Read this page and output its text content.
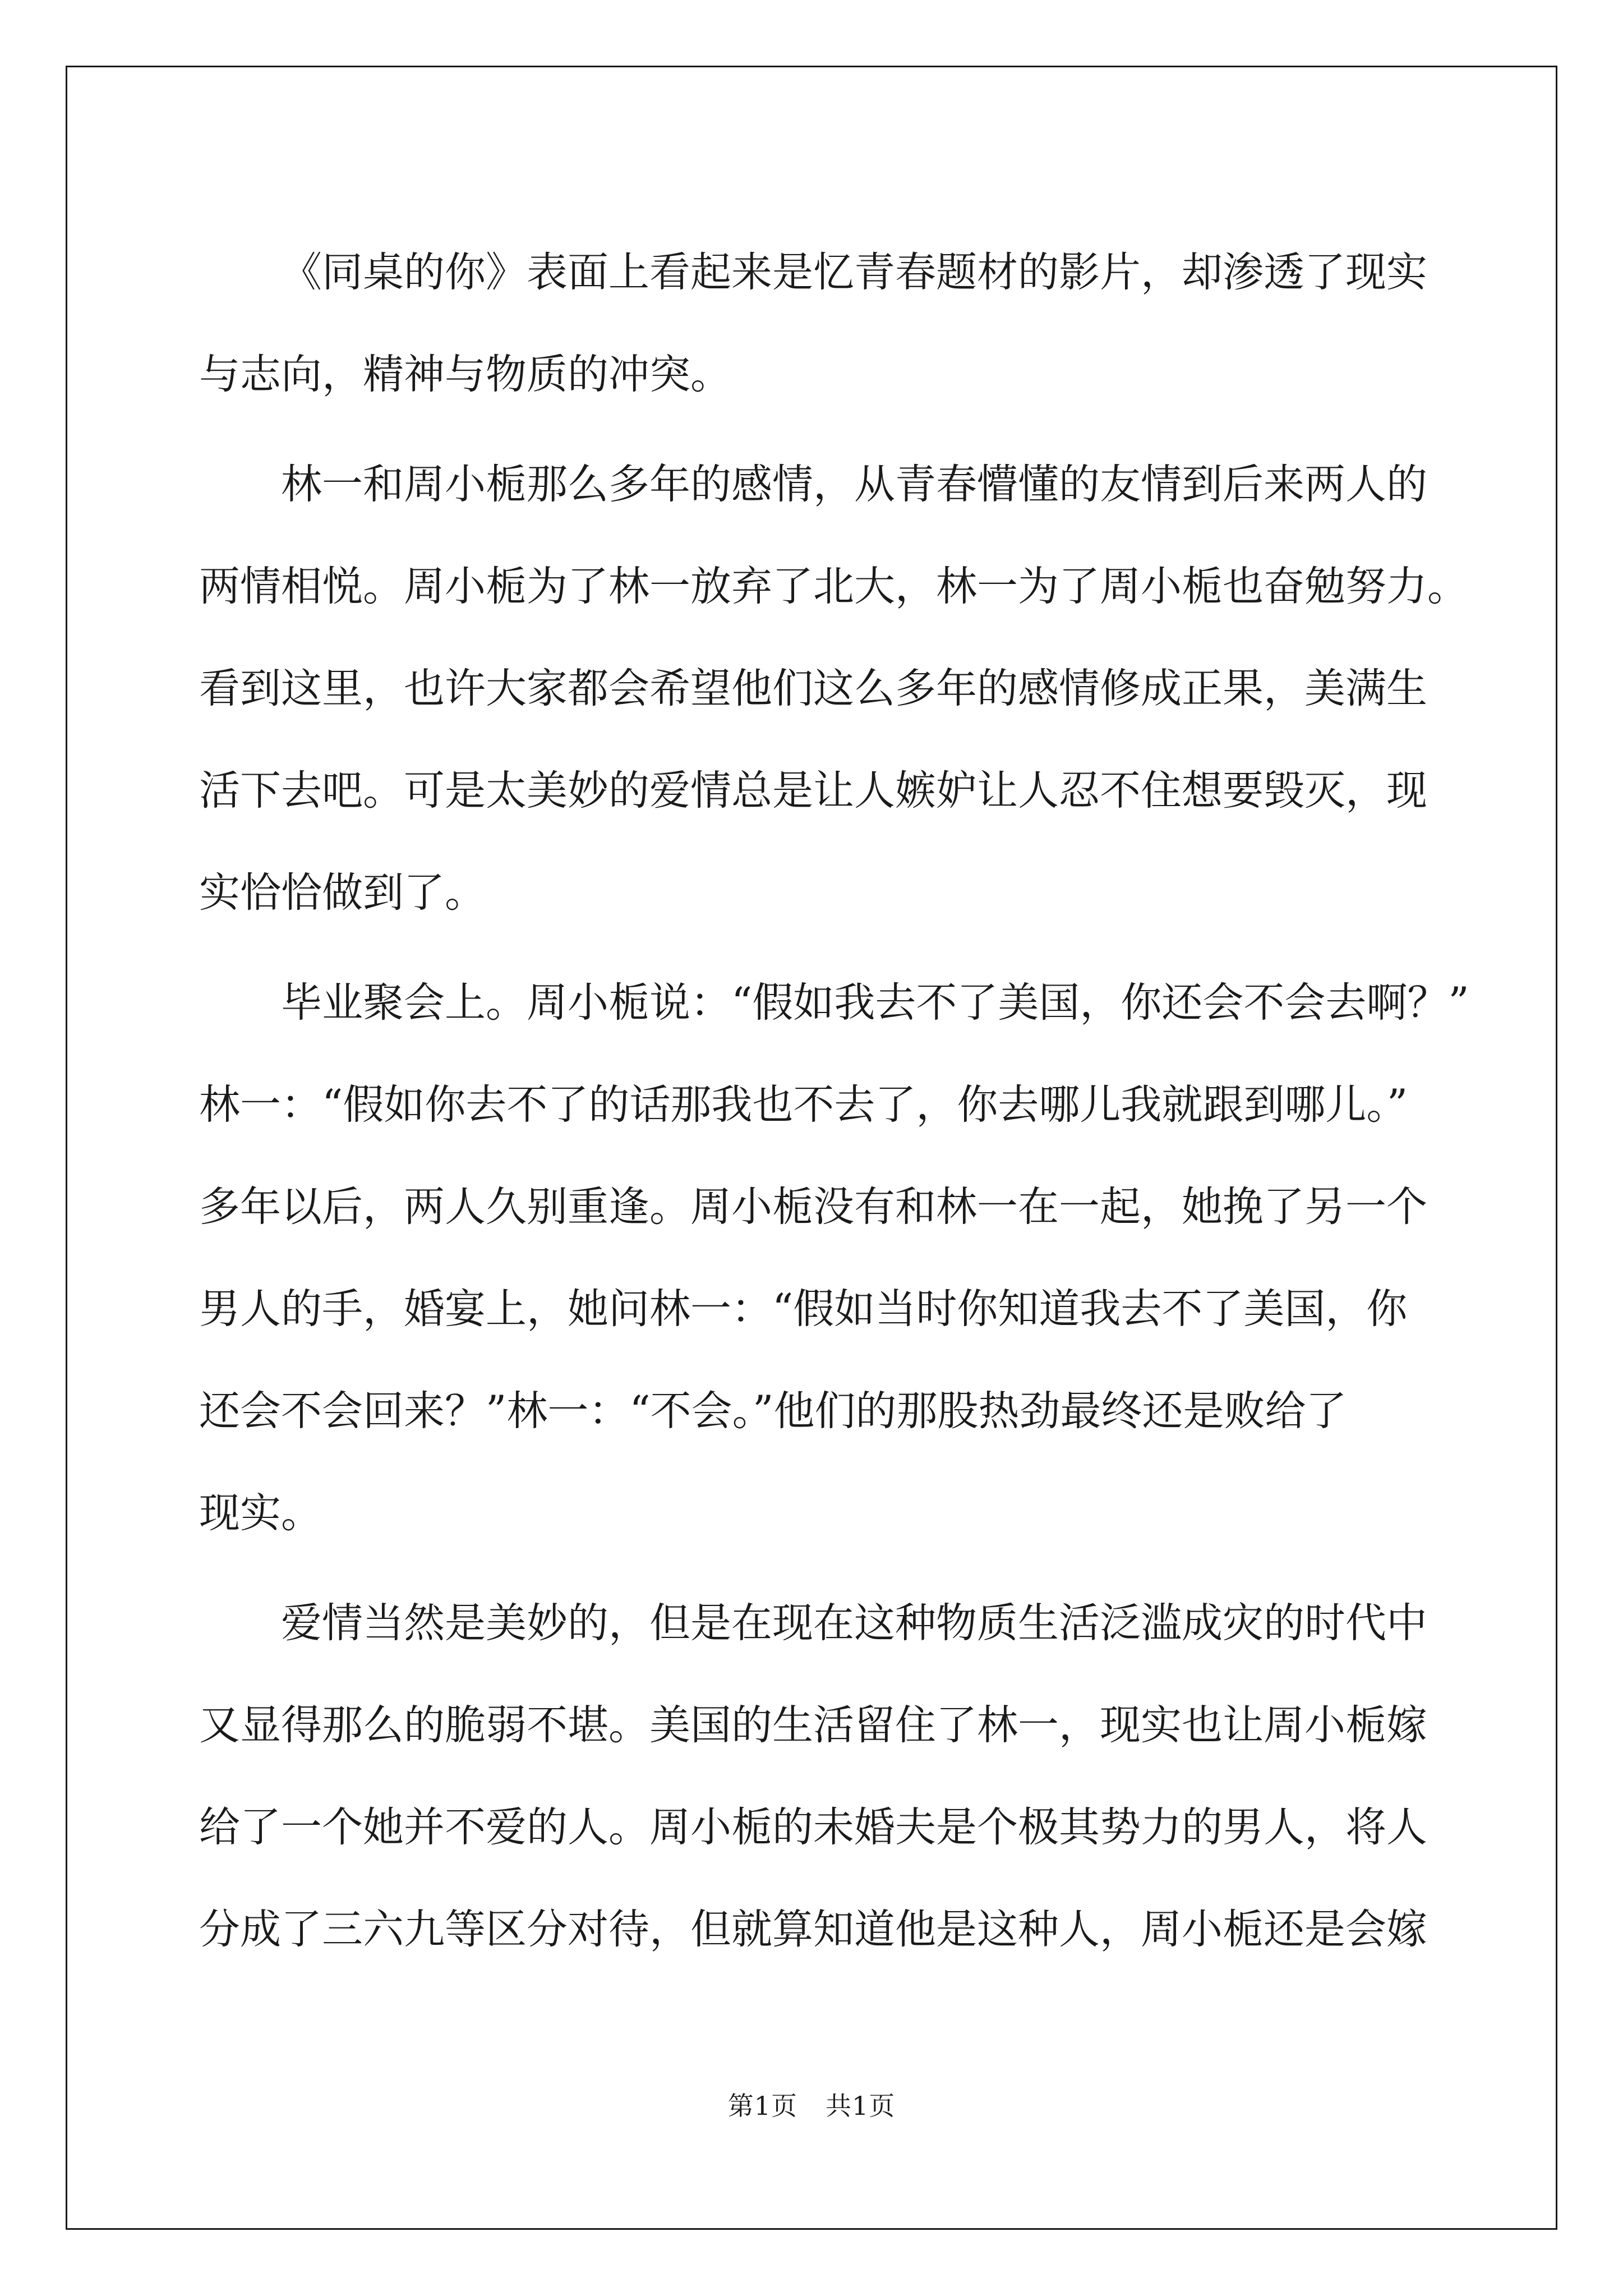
《同桌的你》表面上看起来是忆青春题材的影片，却渗透了现实
与志向，精神与物质的冲突。
林一和周小栀那么多年的感情，从青春懵懂的友情到后来两人的
两情相悦。周小栀为了林一放弃了北大，林一为了周小栀也奋勉努力。
看到这里，也许大家都会希望他们这么多年的感情修成正果，美满生
活下去吧。可是太美妙的爱情总是让人嫉妒让人忍不住想要毁灭，现
实恰恰做到了。
毕业聚会上。周小栀说：“假如我去不了美国，你还会不会去啊？”
林一：“假如你去不了的话那我也不去了，你去哪儿我就跟到哪儿。”
多年以后，两人久别重逢。周小栀没有和林一在一起，她挽了另一个
男人的手，婚宴上，她问林一：“假如当时你知道我去不了美国，你
还会不会回来？”林一：“不会。”他们的那股热劲最终还是败给了
现实。
爱情当然是美妙的，但是在现在这种物质生活泛滥成灾的时代中
又显得那么的脆弱不堪。美国的生活留住了林一，现实也让周小栀嫁
给了一个她并不爱的人。周小栀的未婚夫是个极其势力的男人，将人
分成了三六九等区分对待，但就算知道他是这种人，周小栀还是会嫁
第1页 共1页
